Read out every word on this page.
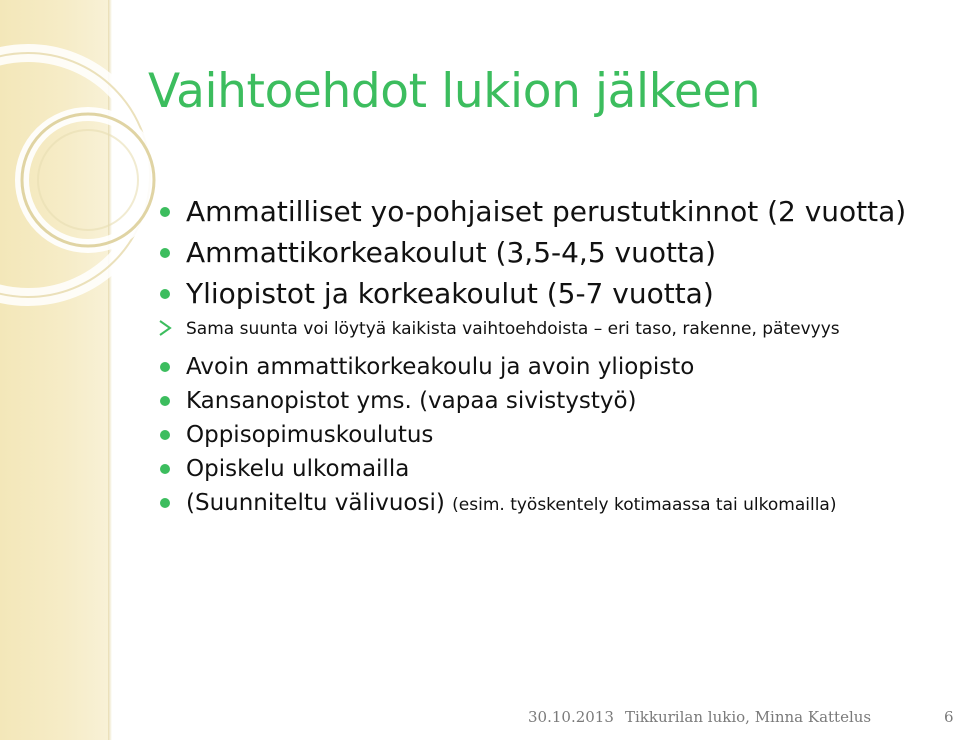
Vaihtoehdot lukion jälkeen
Ammatilliset yo-pohjaiset perustutkinnot (2 vuotta)
Ammattikorkeakoulut (3,5-4,5 vuotta)
Yliopistot ja korkeakoulut (5-7 vuotta)
Sama suunta voi löytyä kaikista vaihtoehdoista – eri taso, rakenne, pätevyys
Avoin ammattikorkeakoulu ja avoin yliopisto
Kansanopistot yms. (vapaa sivistystyö)
Oppisopimuskoulutus
Opiskelu ulkomailla
(Suunniteltu välivuosi) (esim. työskentely kotimaassa tai ulkomailla)
30.10.2013 Tikkurilan lukio, Minna Kattelus	6
